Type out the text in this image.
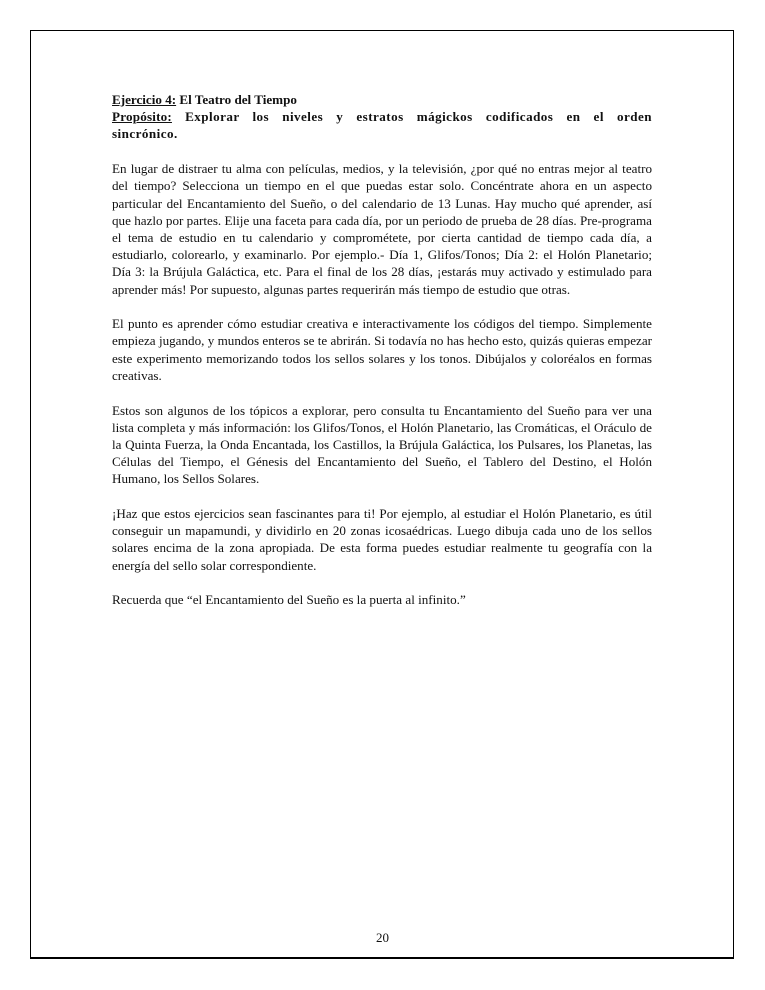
Ejercicio 4: El Teatro del Tiempo

Propósito: Explorar los niveles y estratos mágickos codificados en el orden sincrónico.

En lugar de distraer tu alma con películas, medios, y la televisión, ¿por qué no entras mejor al teatro del tiempo? Selecciona un tiempo en el que puedas estar solo. Concéntrate ahora en un aspecto particular del Encantamiento del Sueño, o del calendario de 13 Lunas. Hay mucho qué aprender, así que hazlo por partes. Elije una faceta para cada día, por un periodo de prueba de 28 días. Pre-programa el tema de estudio en tu calendario y comprométete, por cierta cantidad de tiempo cada día, a estudiarlo, colorearlo, y examinarlo. Por ejemplo.- Día 1, Glifos/Tonos; Día 2: el Holón Planetario; Día 3: la Brújula Galáctica, etc. Para el final de los 28 días, ¡estarás muy activado y estimulado para aprender más! Por supuesto, algunas partes requerirán más tiempo de estudio que otras.

El punto es aprender cómo estudiar creativa e interactivamente los códigos del tiempo. Simplemente empieza jugando, y mundos enteros se te abrirán. Si todavía no has hecho esto, quizás quieras empezar este experimento memorizando todos los sellos solares y los tonos. Dibújalos y coloréalos en formas creativas.

Estos son algunos de los tópicos a explorar, pero consulta tu Encantamiento del Sueño para ver una lista completa y más información: los Glifos/Tonos, el Holón Planetario, las Cromáticas, el Oráculo de la Quinta Fuerza, la Onda Encantada, los Castillos, la Brújula Galáctica, los Pulsares, los Planetas, las Células del Tiempo, el Génesis del Encantamiento del Sueño, el Tablero del Destino, el Holón Humano, los Sellos Solares.

¡Haz que estos ejercicios sean fascinantes para ti! Por ejemplo, al estudiar el Holón Planetario, es útil conseguir un mapamundi, y dividirlo en 20 zonas icosaédricas. Luego dibuja cada uno de los sellos solares encima de la zona apropiada. De esta forma puedes estudiar realmente tu geografía con la energía del sello solar correspondiente.

Recuerda que “el Encantamiento del Sueño es la puerta al infinito.”

20
